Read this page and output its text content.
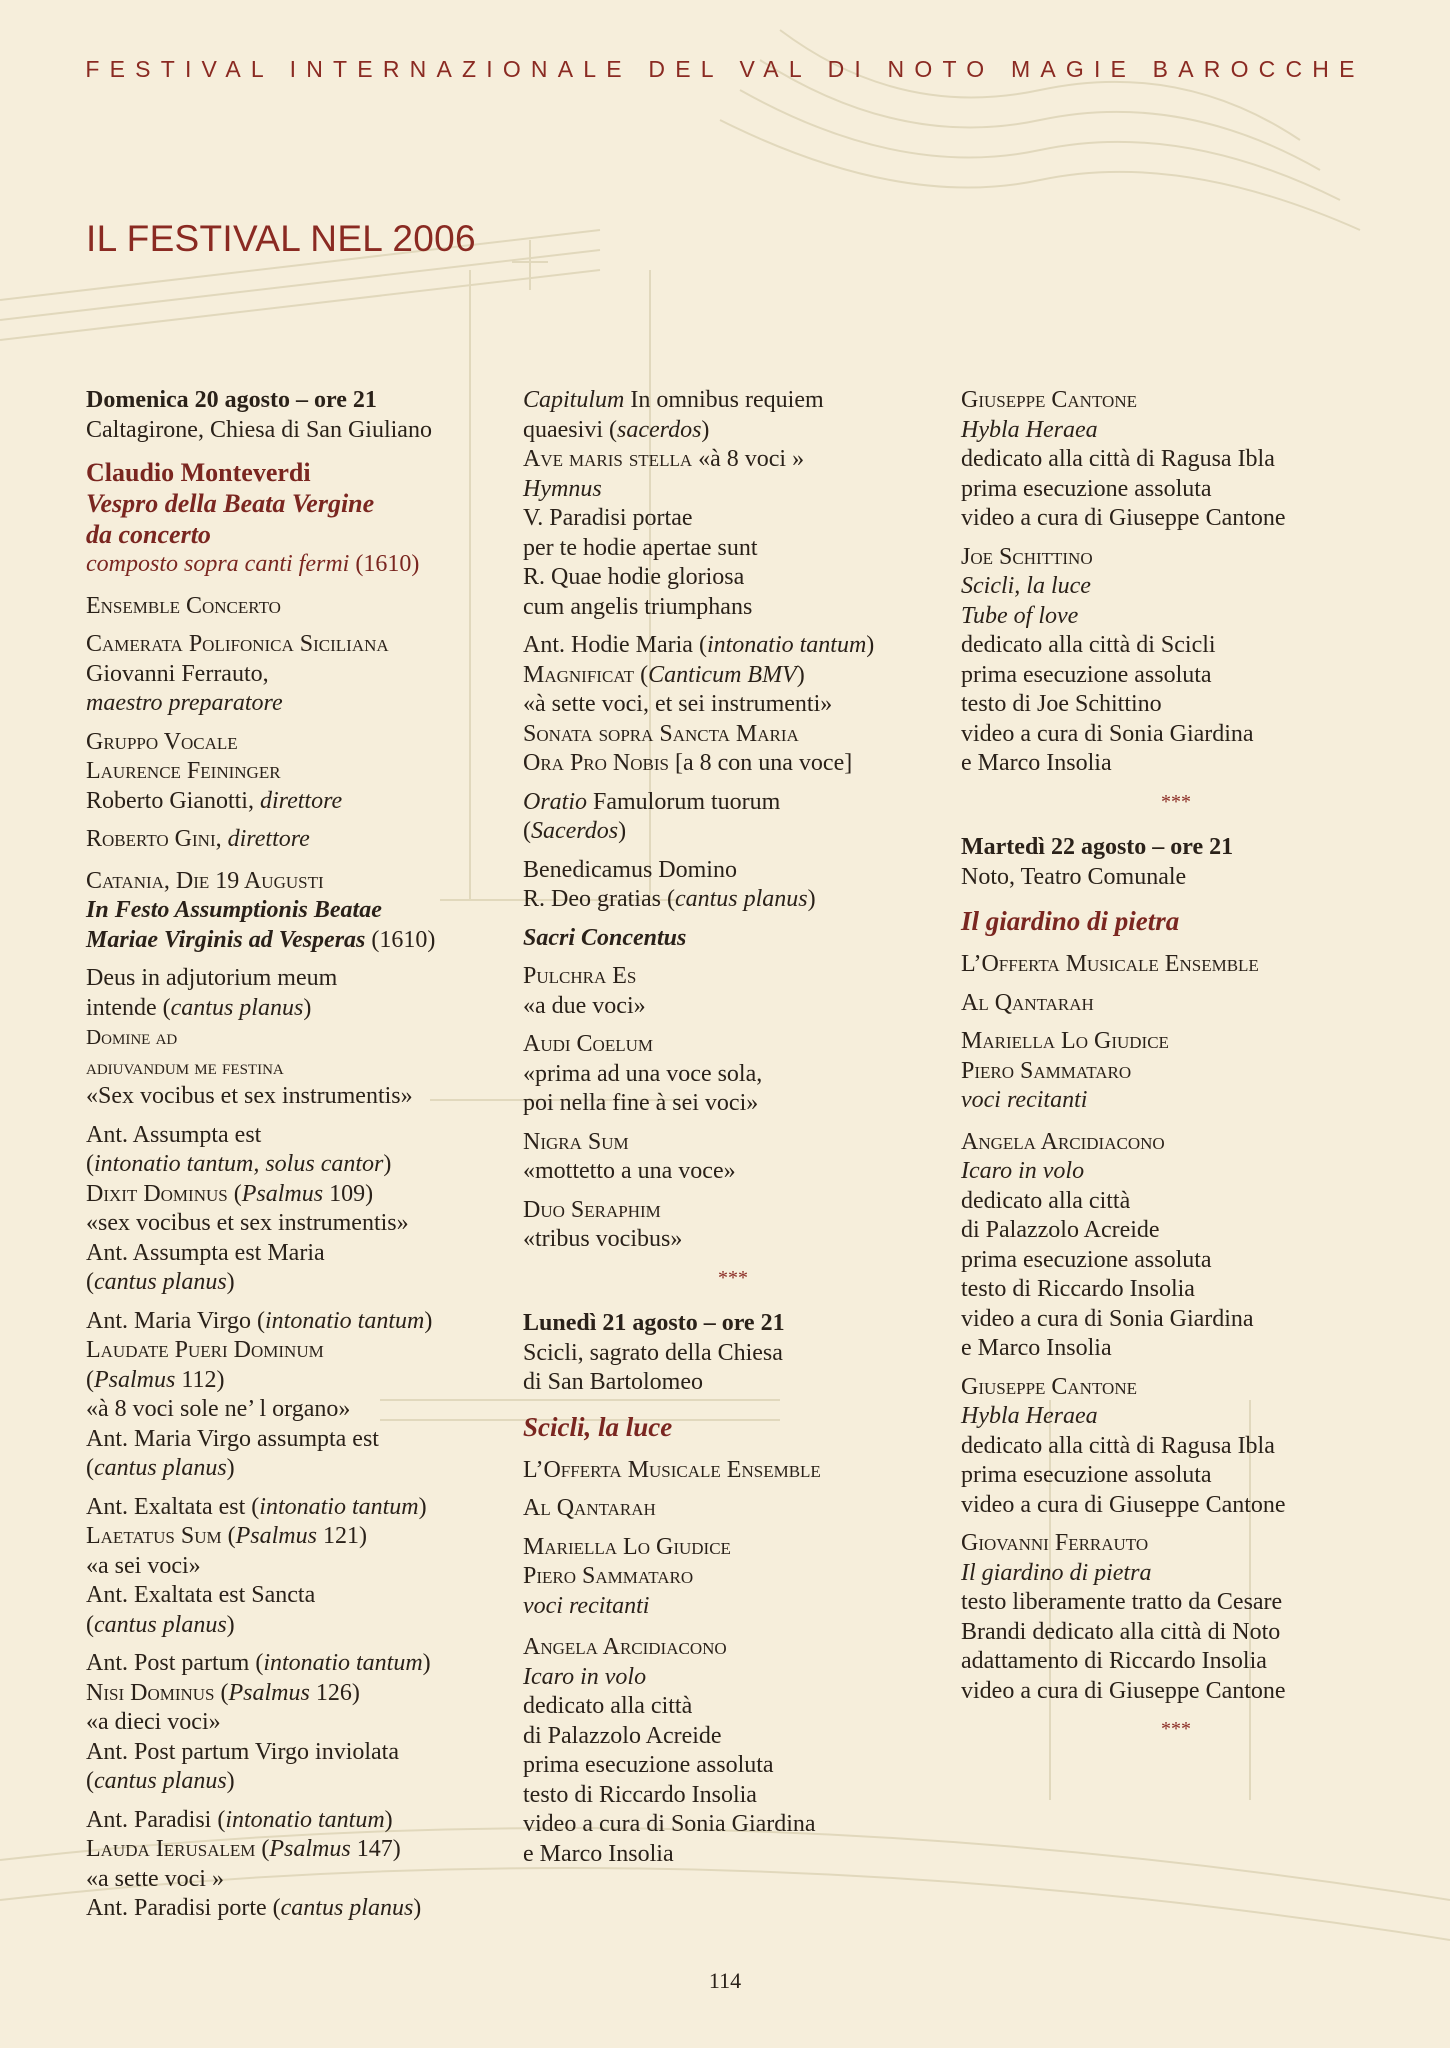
FESTIVAL INTERNAZIONALE DEL VAL DI NOTO MAGIE BAROCCHE
IL FESTIVAL NEL 2006
Domenica 20 agosto – ore 21
Caltagirone, Chiesa di San Giuliano
Claudio Monteverdi
Vespro della Beata Vergine
da concerto
composto sopra canti fermi (1610)
Ensemble Concerto
Camerata Polifonica Siciliana
Giovanni Ferrauto,
maestro preparatore
Gruppo Vocale
Laurence Feininger
Roberto Gianotti, direttore
Roberto Gini, direttore
Catania, Die 19 Augusti
In Festo Assumptionis Beatae
Mariae Virginis ad Vesperas (1610)
Deus in adjutorium meum
intende (cantus planus)
Domine ad
adiuvandum me festina
«Sex vocibus et sex instrumentis»
Ant. Assumpta est
(intonatio tantum, solus cantor)
Dixit Dominus (Psalmus 109)
«sex vocibus et sex instrumentis»
Ant. Assumpta est Maria
(cantus planus)
Ant. Maria Virgo (intonatio tantum)
Laudate Pueri Dominum
(Psalmus 112)
«à 8 voci sole ne’ l organo»
Ant. Maria Virgo assumpta est
(cantus planus)
Ant. Exaltata est (intonatio tantum)
Laetatus Sum (Psalmus 121)
«a sei voci»
Ant. Exaltata est Sancta
(cantus planus)
Ant. Post partum (intonatio tantum)
Nisi Dominus (Psalmus 126)
«a dieci voci»
Ant. Post partum Virgo inviolata
(cantus planus)
Ant. Paradisi (intonatio tantum)
Lauda Ierusalem (Psalmus 147)
«a sette voci »
Ant. Paradisi porte (cantus planus)
Capitulum In omnibus requiem
quaesivi (sacerdos)
Ave maris stella «à 8 voci »
Hymnus
V. Paradisi portae
per te hodie apertae sunt
R. Quae hodie gloriosa
cum angelis triumphans
Ant. Hodie Maria (intonatio tantum)
Magnificat (Canticum BMV)
«à sette voci, et sei instrumenti»
Sonata sopra Sancta Maria
Ora Pro Nobis [a 8 con una voce]
Oratio Famulorum tuorum
(Sacerdos)
Benedicamus Domino
R. Deo gratias (cantus planus)
Sacri Concentus
Pulchra Es
«a due voci»
Audi Coelum
«prima ad una voce sola,
poi nella fine à sei voci»
Nigra Sum
«mottetto a una voce»
Duo Seraphim
«tribus vocibus»
***
Lunedì 21 agosto – ore 21
Scicli, sagrato della Chiesa
di San Bartolomeo
Scicli, la luce
L’Offerta Musicale Ensemble
Al Qantarah
Mariella Lo Giudice
Piero Sammataro
voci recitanti
Angela Arcidiacono
Icaro in volo
dedicato alla città
di Palazzolo Acreide
prima esecuzione assoluta
testo di Riccardo Insolia
video a cura di Sonia Giardina
e Marco Insolia
Giuseppe Cantone
Hybla Heraea
dedicato alla città di Ragusa Ibla
prima esecuzione assoluta
video a cura di Giuseppe Cantone
Joe Schittino
Scicli, la luce
Tube of love
dedicato alla città di Scicli
prima esecuzione assoluta
testo di Joe Schittino
video a cura di Sonia Giardina
e Marco Insolia
***
Martedì 22 agosto – ore 21
Noto, Teatro Comunale
Il giardino di pietra
L’Offerta Musicale Ensemble
Al Qantarah
Mariella Lo Giudice
Piero Sammataro
voci recitanti
Angela Arcidiacono
Icaro in volo
dedicato alla città
di Palazzolo Acreide
prima esecuzione assoluta
testo di Riccardo Insolia
video a cura di Sonia Giardina
e Marco Insolia
Giuseppe Cantone
Hybla Heraea
dedicato alla città di Ragusa Ibla
prima esecuzione assoluta
video a cura di Giuseppe Cantone
Giovanni Ferrauto
Il giardino di pietra
testo liberamente tratto da Cesare
Brandi dedicato alla città di Noto
adattamento di Riccardo Insolia
video a cura di Giuseppe Cantone
***
114
